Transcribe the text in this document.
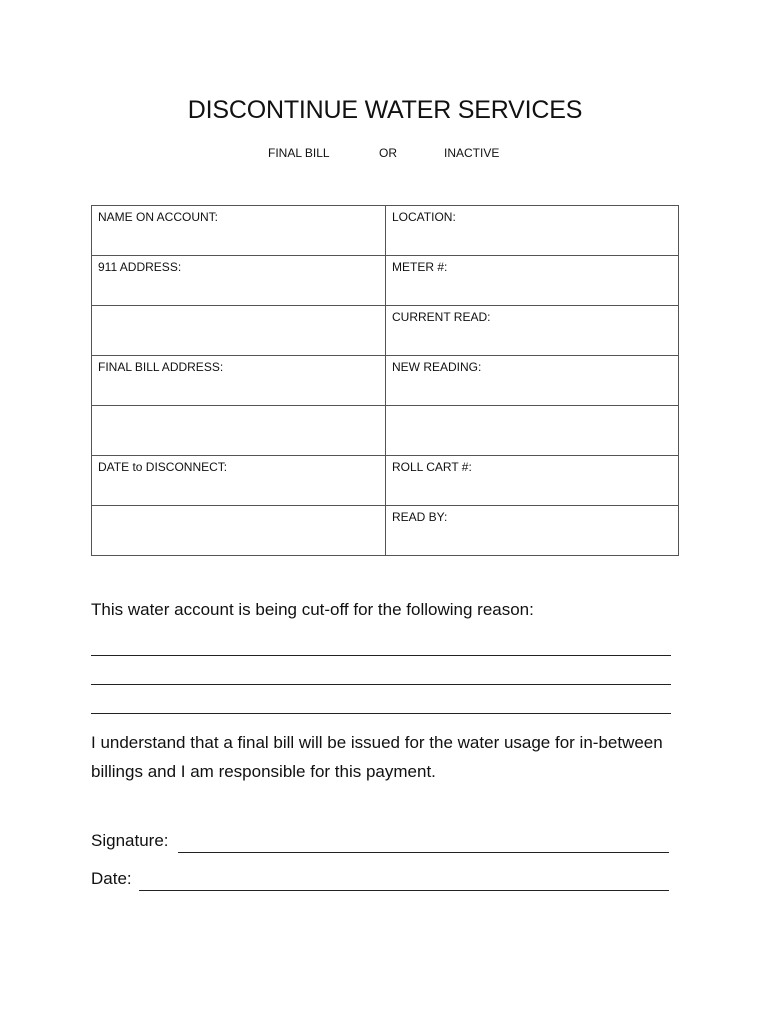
DISCONTINUE WATER SERVICES
FINAL BILL	OR	INACTIVE
NAME ON ACCOUNT:	LOCATION:
911 ADDRESS:	METER #:
	CURRENT READ:
FINAL BILL ADDRESS:	NEW READING:

DATE to DISCONNECT:	ROLL CART #:
	READ BY:
This water account is being cut-off for the following reason:
I understand that a final bill will be issued for the water usage for in-between billings and I am responsible for this payment.
Signature:
Date:
